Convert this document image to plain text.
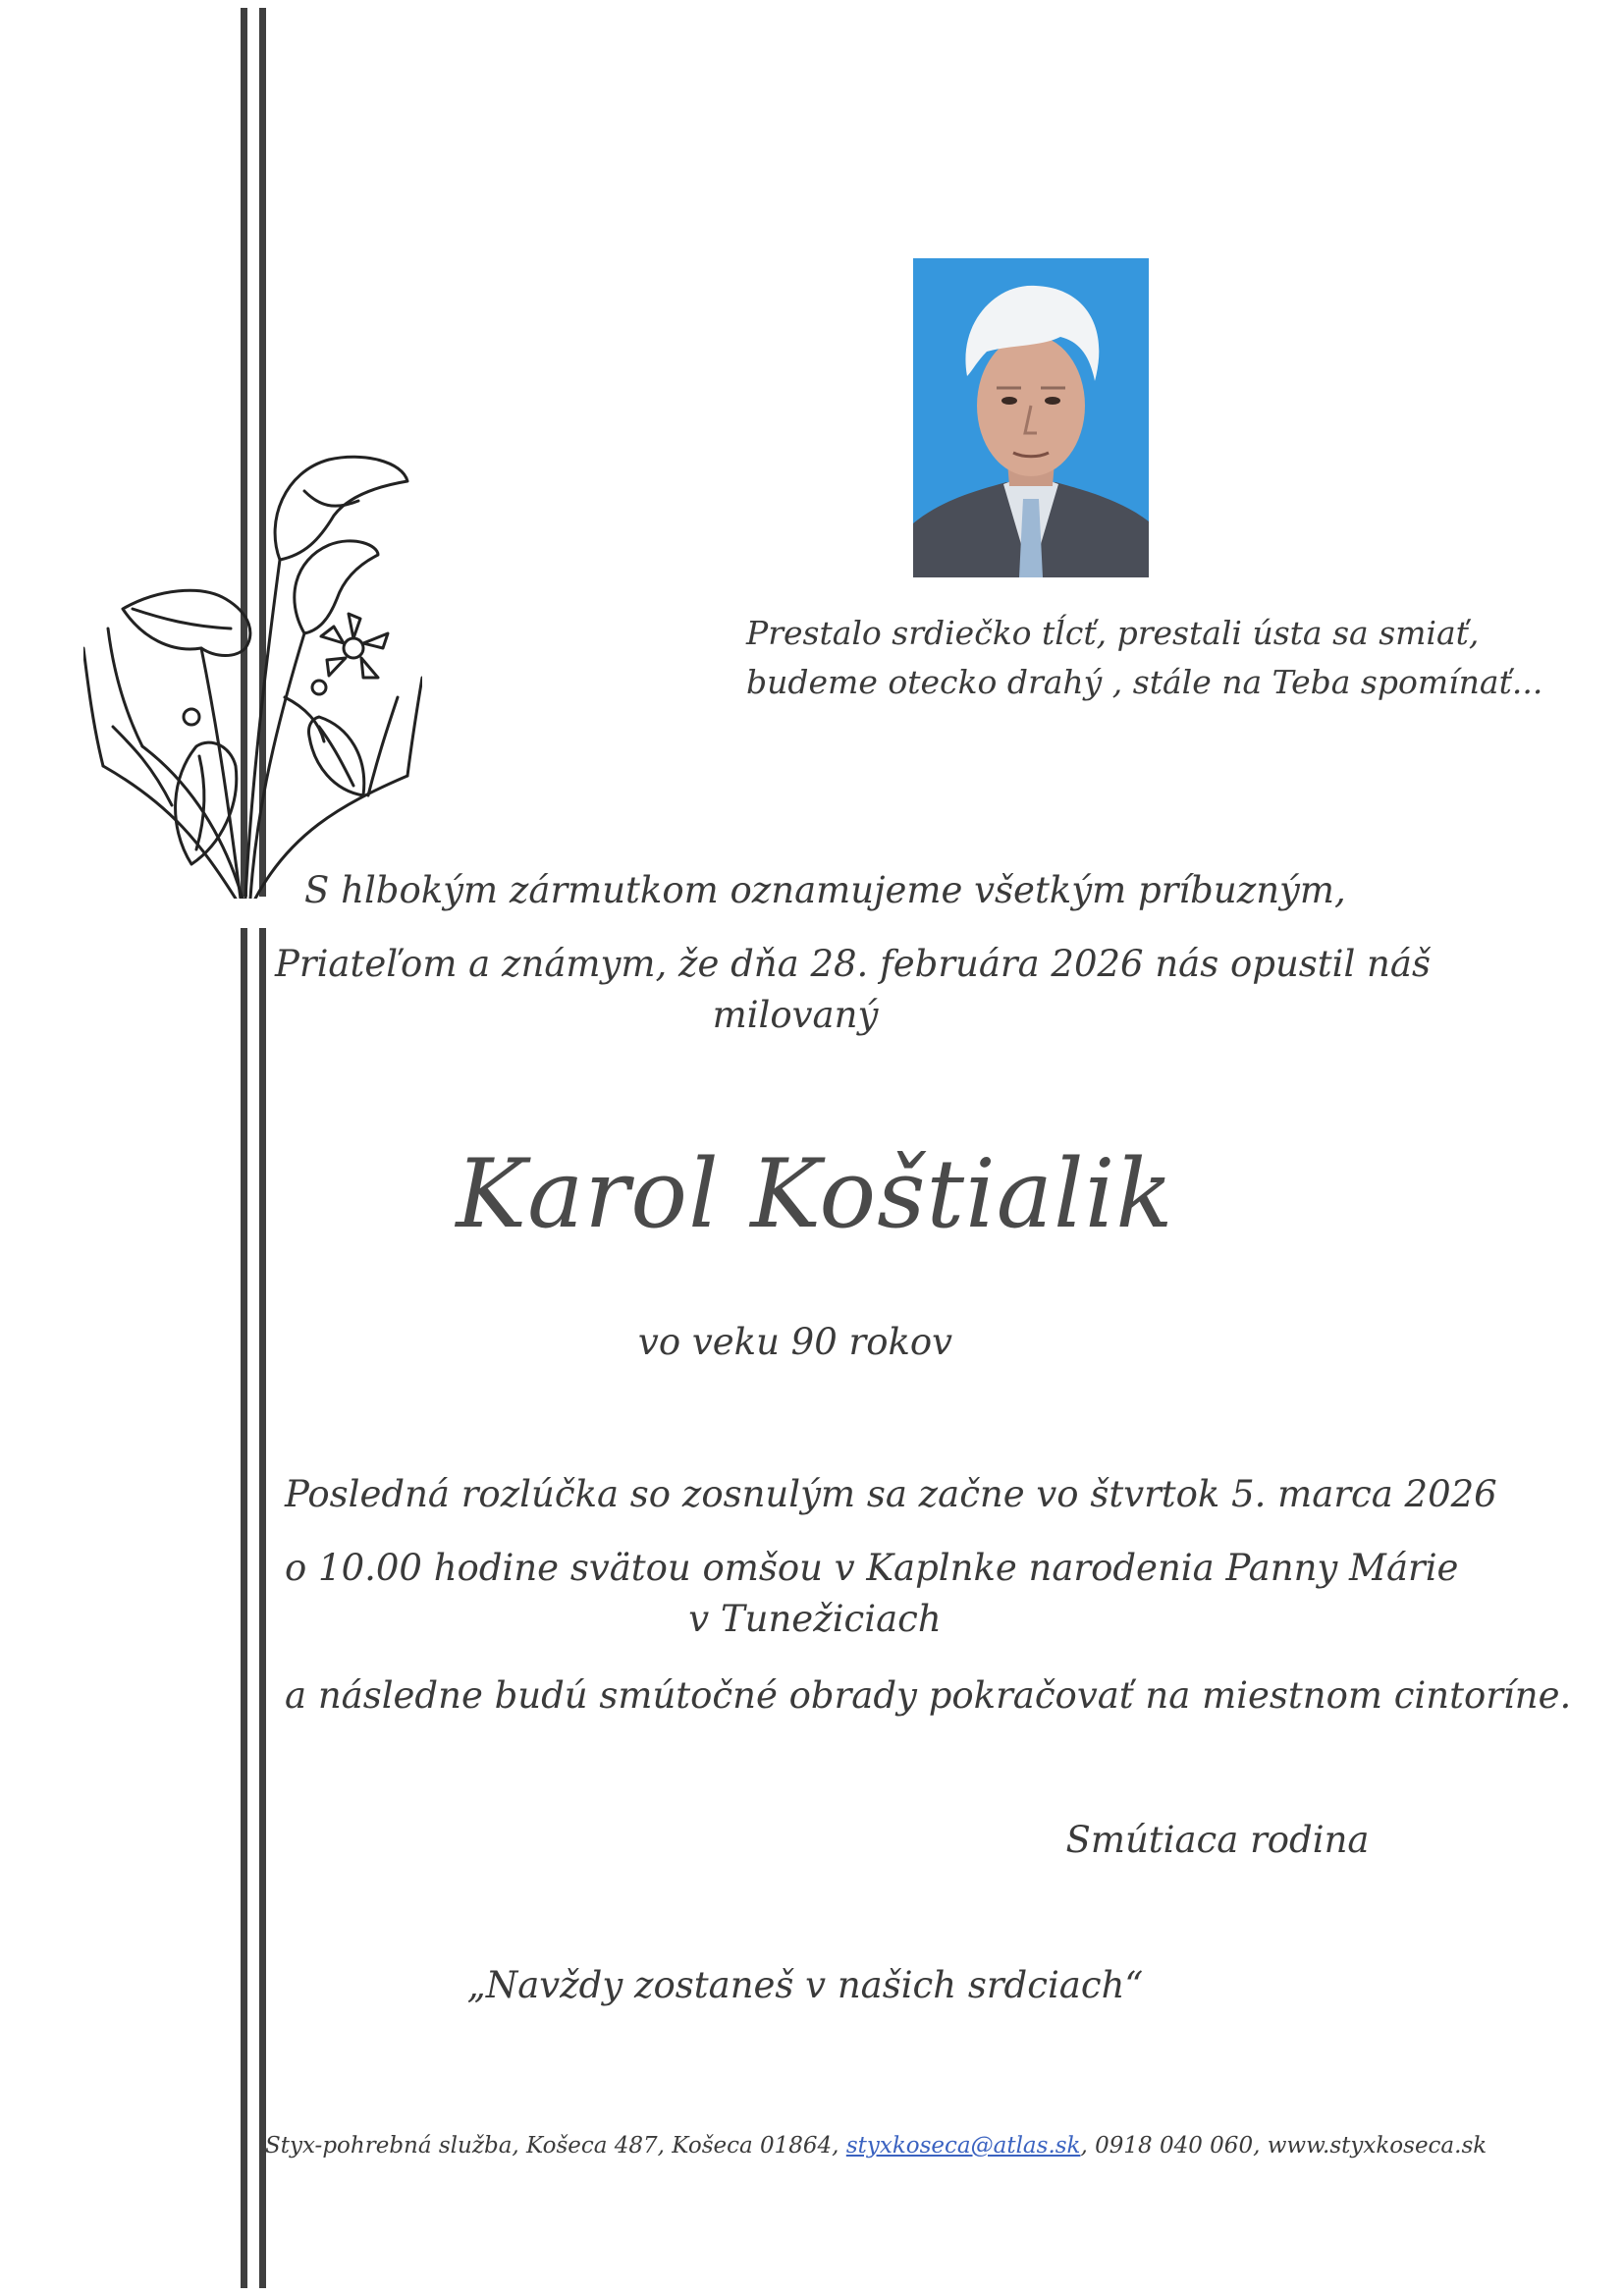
Prestalo srdiečko tĺcť, prestali ústa sa smiať,
budeme otecko drahý , stále na Teba spomínať...
S hlbokým zármutkom oznamujeme všetkým príbuzným,
Priateľom a známym, že dňa 28. februára 2026 nás opustil náš
milovaný
Karol Koštialik
vo veku 90 rokov
Posledná rozlúčka so zosnulým sa začne vo štvrtok 5. marca 2026
o 10.00 hodine svätou omšou v Kaplnke narodenia Panny Márie
v Tunežiciach
a následne budú smútočné obrady pokračovať na miestnom cintoríne.
Smútiaca rodina
„Navždy zostaneš v našich srdciach“
Styx-pohrebná služba, Košeca 487, Košeca 01864, styxkoseca@atlas.sk, 0918 040 060, www.styxkoseca.sk
